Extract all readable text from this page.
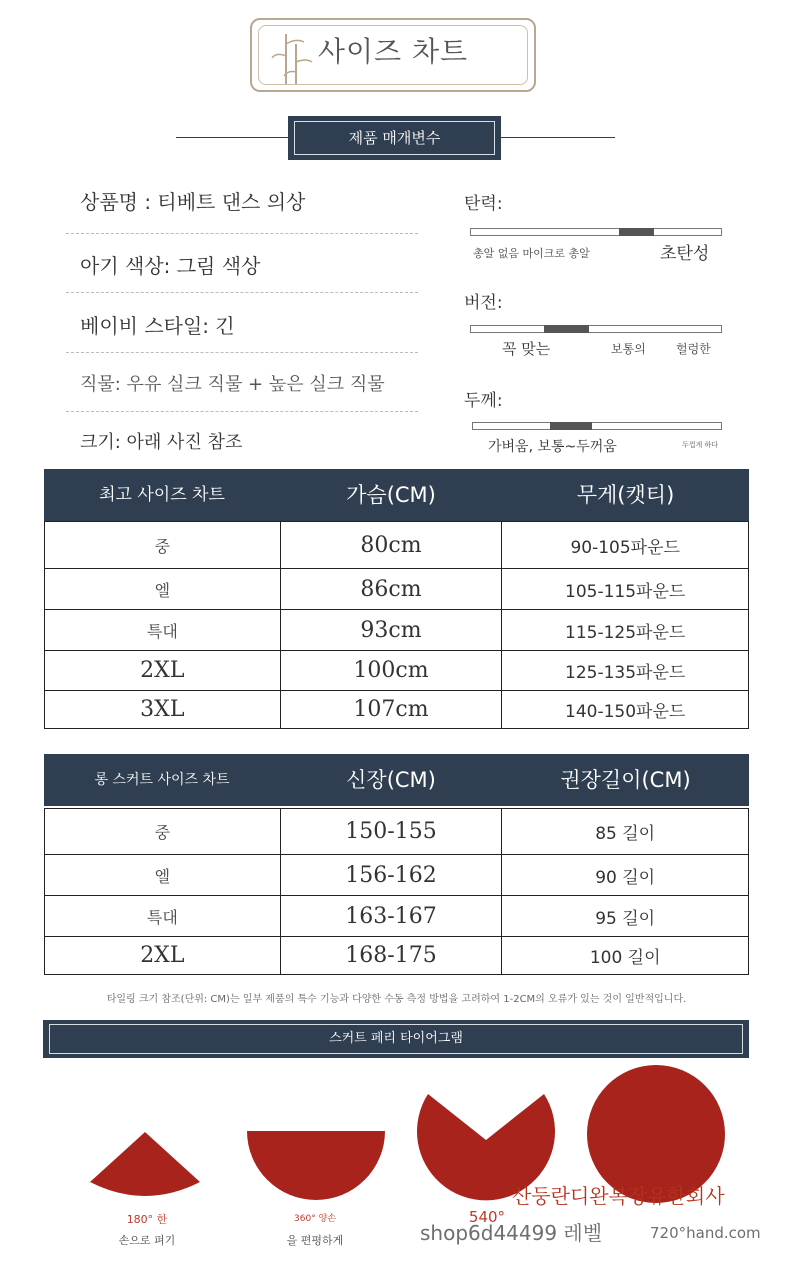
사이즈 차트
제품 매개변수
상품명 : 티베트 댄스 의상
아기 색상: 그림 색상
베이비 스타일: 긴
직물: 우유 실크 직물 + 높은 실크 직물
크기: 아래 사진 참조
탄력:
총알 없음 마이크로 총알	초탄성
버전:
꼭 맞는	보통의	헐렁한
두께:
가벼움, 보통~두꺼움	두껍게 하다
최고 사이즈 차트	가슴(CM)	무게(캣티)
중	80cm	90-105파운드
엘	86cm	105-115파운드
특대	93cm	115-125파운드
2XL	100cm	125-135파운드
3XL	107cm	140-150파운드
롱 스커트 사이즈 차트	신장(CM)	권장길이(CM)
중	150-155	85 길이
엘	156-162	90 길이
특대	163-167	95 길이
2XL	168-175	100 길이
타일링 크기 참조(단위: CM)는 일부 제품의 특수 기능과 다양한 수동 측정 방법을 고려하여 1-2CM의 오류가 있는 것이 일반적입니다.
스커트 페리 타이어그램
180° 한
손으로 펴기
360° 양손
을 편평하게
540°
산둥란디완복장유한회사
shop6d44499 레벨	720°hand.com
